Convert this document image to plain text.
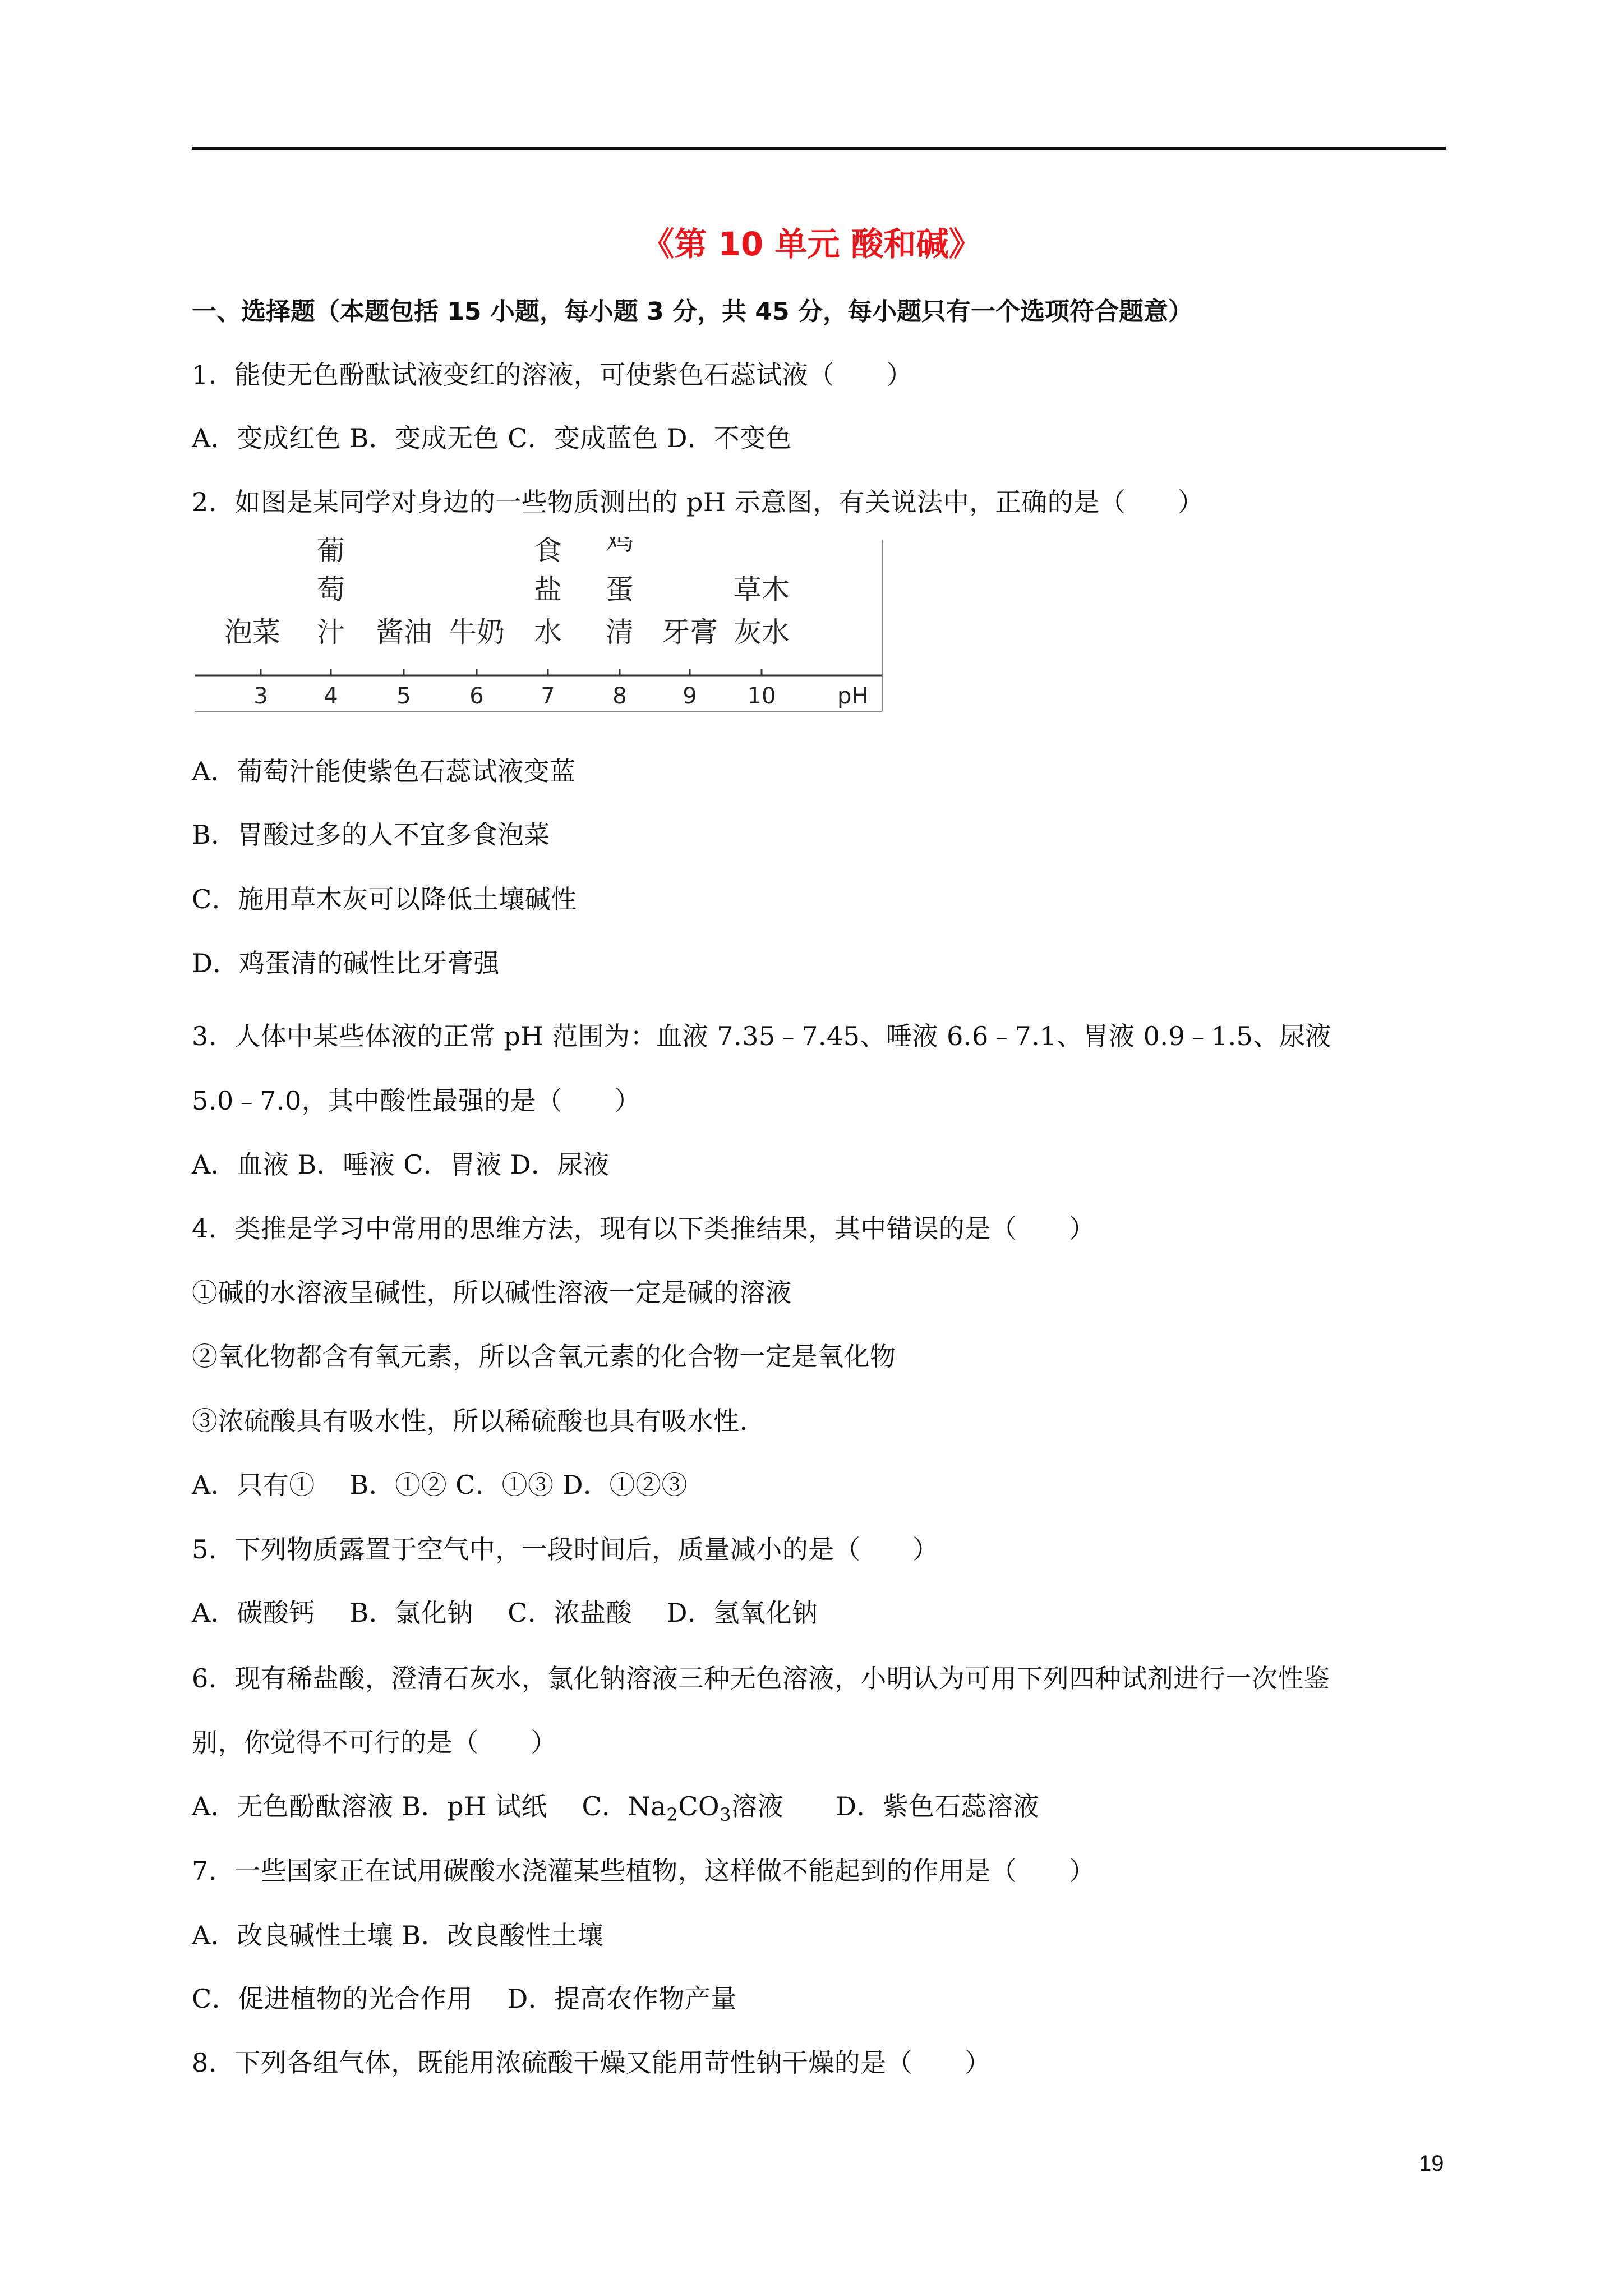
《第 10 单元 酸和碱》
一、选择题（本题包括 15 小题，每小题 3 分，共 45 分，每小题只有一个选项符合题意）
1．能使无色酚酞试液变红的溶液，可使紫色石蕊试液（　　）
A．变成红色 B．变成无色 C．变成蓝色 D．不变色
2．如图是某同学对身边的一些物质测出的 pH 示意图，有关说法中，正确的是（　　）
3 4	5	6	7	8 9 10	pH
泡菜
葡
萄
汁 酱油 牛奶
食
盐
水
鸡
蛋
清 牙膏
草木
灰水
A．葡萄汁能使紫色石蕊试液变蓝
B．胃酸过多的人不宜多食泡菜
C．施用草木灰可以降低土壤碱性
D．鸡蛋清的碱性比牙膏强
3．人体中某些体液的正常 pH 范围为：血液 7.35﹣7.45、唾液 6.6﹣7.1、胃液 0.9﹣1.5、尿液
5.0﹣7.0，其中酸性最强的是（　　）
A．血液 B．唾液 C．胃液 D．尿液
4．类推是学习中常用的思维方法，现有以下类推结果，其中错误的是（　　）
①碱的水溶液呈碱性，所以碱性溶液一定是碱的溶液
②氧化物都含有氧元素，所以含氧元素的化合物一定是氧化物
③浓硫酸具有吸水性，所以稀硫酸也具有吸水性.
A．只有①　 B．①② C．①③ D．①②③
5．下列物质露置于空气中，一段时间后，质量减小的是（　　）
A．碳酸钙　 B．氯化钠　 C．浓盐酸　 D．氢氧化钠
6．现有稀盐酸，澄清石灰水，氯化钠溶液三种无色溶液，小明认为可用下列四种试剂进行一次性鉴
别，你觉得不可行的是（　　）
A．无色酚酞溶液 B．pH 试纸　 C．$Na_2CO_3$溶液　　D．紫色石蕊溶液
7．一些国家正在试用碳酸水浇灌某些植物，这样做不能起到的作用是（　　）
A．改良碱性土壤 B．改良酸性土壤
C．促进植物的光合作用　 D．提高农作物产量
8．下列各组气体，既能用浓硫酸干燥又能用苛性钠干燥的是（　　）
19
